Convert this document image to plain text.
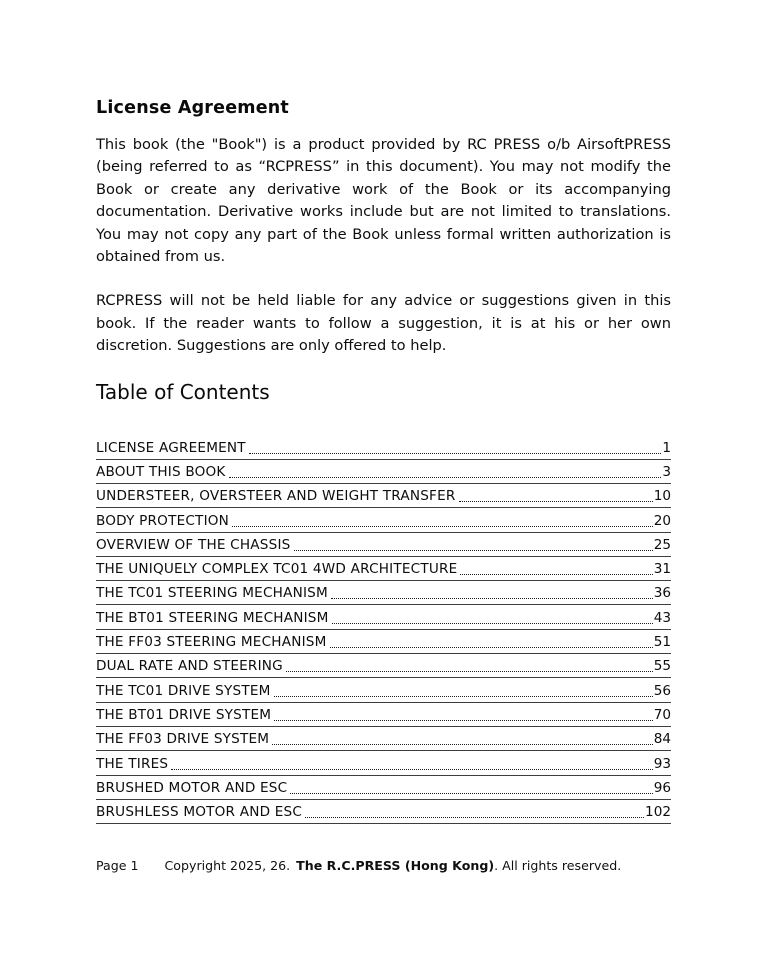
License Agreement

This book (the "Book") is a product provided by RC PRESS o/b AirsoftPRESS (being referred to as “RCPRESS” in this document). You may not modify the Book or create any derivative work of the Book or its accompanying documentation. Derivative works include but are not limited to translations. You may not copy any part of the Book unless formal written authorization is obtained from us.

RCPRESS will not be held liable for any advice or suggestions given in this book. If the reader wants to follow a suggestion, it is at his or her own discretion. Suggestions are only offered to help.

Table of Contents
LICENSE AGREEMENT	1
ABOUT THIS BOOK	3
UNDERSTEER, OVERSTEER AND WEIGHT TRANSFER	10
BODY PROTECTION	20
OVERVIEW OF THE CHASSIS	25
THE UNIQUELY COMPLEX TC01 4WD ARCHITECTURE	31
THE TC01 STEERING MECHANISM	36
THE BT01 STEERING MECHANISM	43
THE FF03 STEERING MECHANISM	51
DUAL RATE AND STEERING	55
THE TC01 DRIVE SYSTEM	56
THE BT01 DRIVE SYSTEM	70
THE FF03 DRIVE SYSTEM	84
THE TIRES	93
BRUSHED MOTOR AND ESC	96
BRUSHLESS MOTOR AND ESC	102
Page 1 Copyright 2025, 26. The R.C.PRESS (Hong Kong). All rights reserved.
